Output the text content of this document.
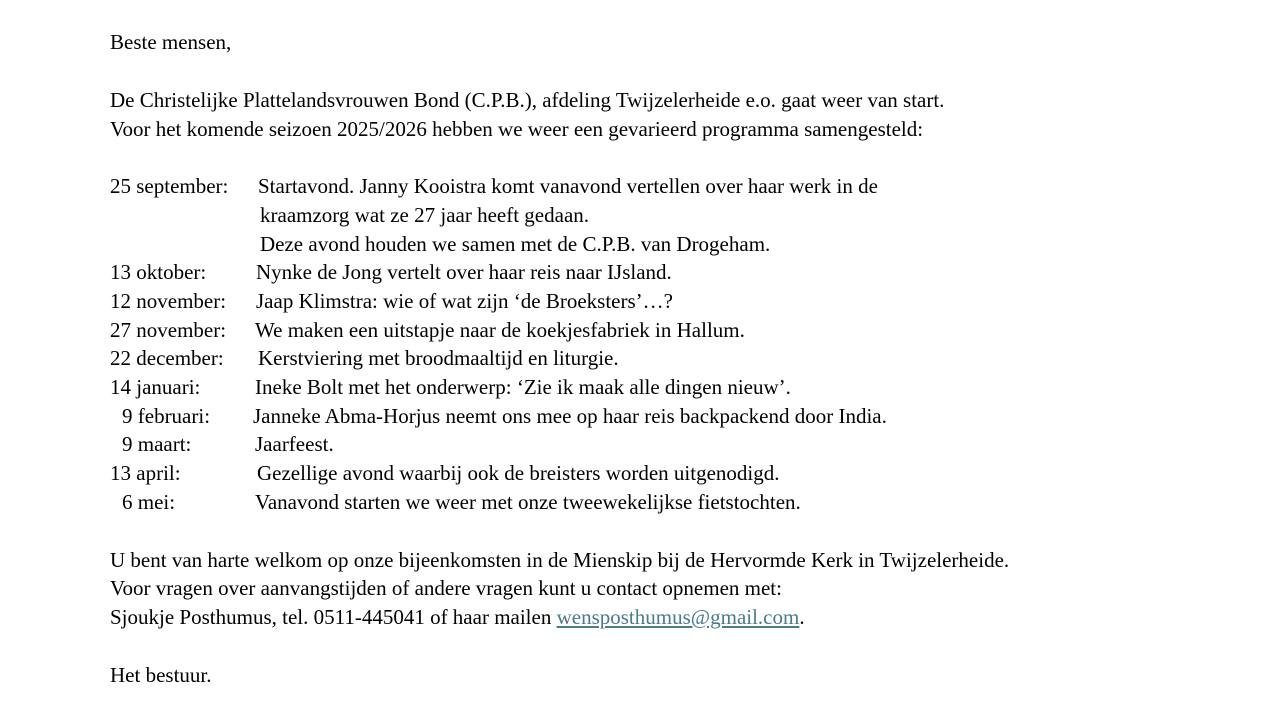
Beste mensen,
De Christelijke Plattelandsvrouwen Bond (C.P.B.), afdeling Twijzelerheide e.o. gaat weer van start.
Voor het komende seizoen 2025/2026 hebben we weer een gevarieerd programma samengesteld:
25 september: Startavond. Janny Kooistra komt vanavond vertellen over haar werk in de
kraamzorg wat ze 27 jaar heeft gedaan.
Deze avond houden we samen met de C.P.B. van Drogeham.
13 oktober: Nynke de Jong vertelt over haar reis naar IJsland.
12 november: Jaap Klimstra: wie of wat zijn ‘de Broeksters’…?
27 november: We maken een uitstapje naar de koekjesfabriek in Hallum.
22 december: Kerstviering met broodmaaltijd en liturgie.
14 januari:	Ineke Bolt met het onderwerp: ‘Zie ik maak alle dingen nieuw’.
9 februari: Janneke Abma-Horjus neemt ons mee op haar reis backpackend door India.
9 maart:	Jaarfeest.
13 april:	Gezellige avond waarbij ook de breisters worden uitgenodigd.
6 mei:	Vanavond starten we weer met onze tweewekelijkse fietstochten.
U bent van harte welkom op onze bijeenkomsten in de Mienskip bij de Hervormde Kerk in Twijzelerheide.
Voor vragen over aanvangstijden of andere vragen kunt u contact opnemen met:
Sjoukje Posthumus, tel. 0511-445041 of haar mailen wensposthumus@gmail.com.
Het bestuur.
